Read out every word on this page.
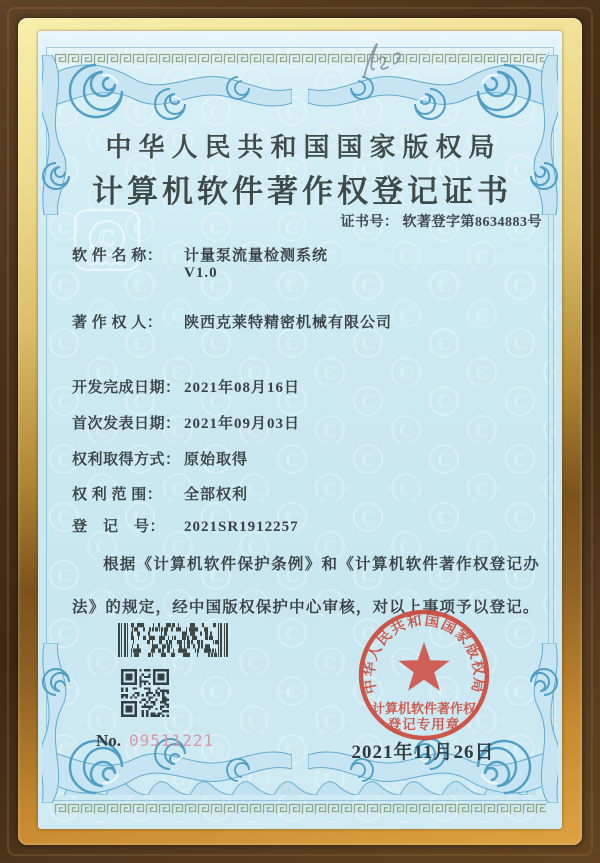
C
中华人民共和国国家版权局
计算机软件著作权登记证书
证书号： 软著登字第8634883号
软 件 名 称： 计量泵流量检测系统
V1.0
著 作 权 人： 陕西克莱特精密机械有限公司
开发完成日期： 2021年08月16日
首次发表日期： 2021年09月03日
权利取得方式： 原始取得
权 利 范 围： 全部权利
登　记　号： 2021SR1912257
根据《计算机软件保护条例》和《计算机软件著作权登记办法》的规定，经中国版权保护中心审核，对以上事项予以登记。
No. 09511221
中华人民共和国国家版权局
计算机软件著作权
登记专用章
2021年11月26日
